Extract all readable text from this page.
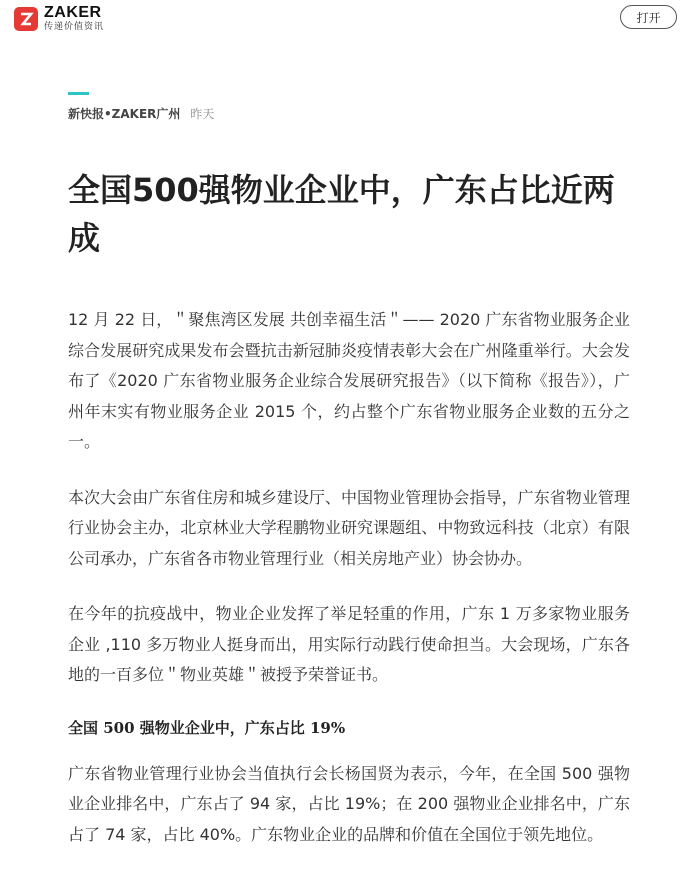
ZAKER
传递价值资讯
打开
新快报•ZAKER广州 昨天
全国500强物业企业中，广东占比近两成

12 月 22 日，＂聚焦湾区发展 共创幸福生活＂—— 2020 广东省物业服务企业综合发展研究成果发布会暨抗击新冠肺炎疫情表彰大会在广州隆重举行。大会发布了《2020 广东省物业服务企业综合发展研究报告》（以下简称《报告》），广州年末实有物业服务企业 2015 个，约占整个广东省物业服务企业数的五分之一。

本次大会由广东省住房和城乡建设厅、中国物业管理协会指导，广东省物业管理行业协会主办，北京林业大学程鹏物业研究课题组、中物致远科技（北京）有限公司承办，广东省各市物业管理行业（相关房地产业）协会协办。

在今年的抗疫战中，物业企业发挥了举足轻重的作用，广东 1 万多家物业服务企业 ,110 多万物业人挺身而出，用实际行动践行使命担当。大会现场，广东各地的一百多位＂物业英雄＂被授予荣誉证书。

全国 500 强物业企业中，广东占比 19%

广东省物业管理行业协会当值执行会长杨国贤为表示，今年，在全国 500 强物业企业排名中，广东占了 94 家，占比 19%；在 200 强物业企业排名中，广东占了 74 家，占比 40%。广东物业企业的品牌和价值在全国位于领先地位。
